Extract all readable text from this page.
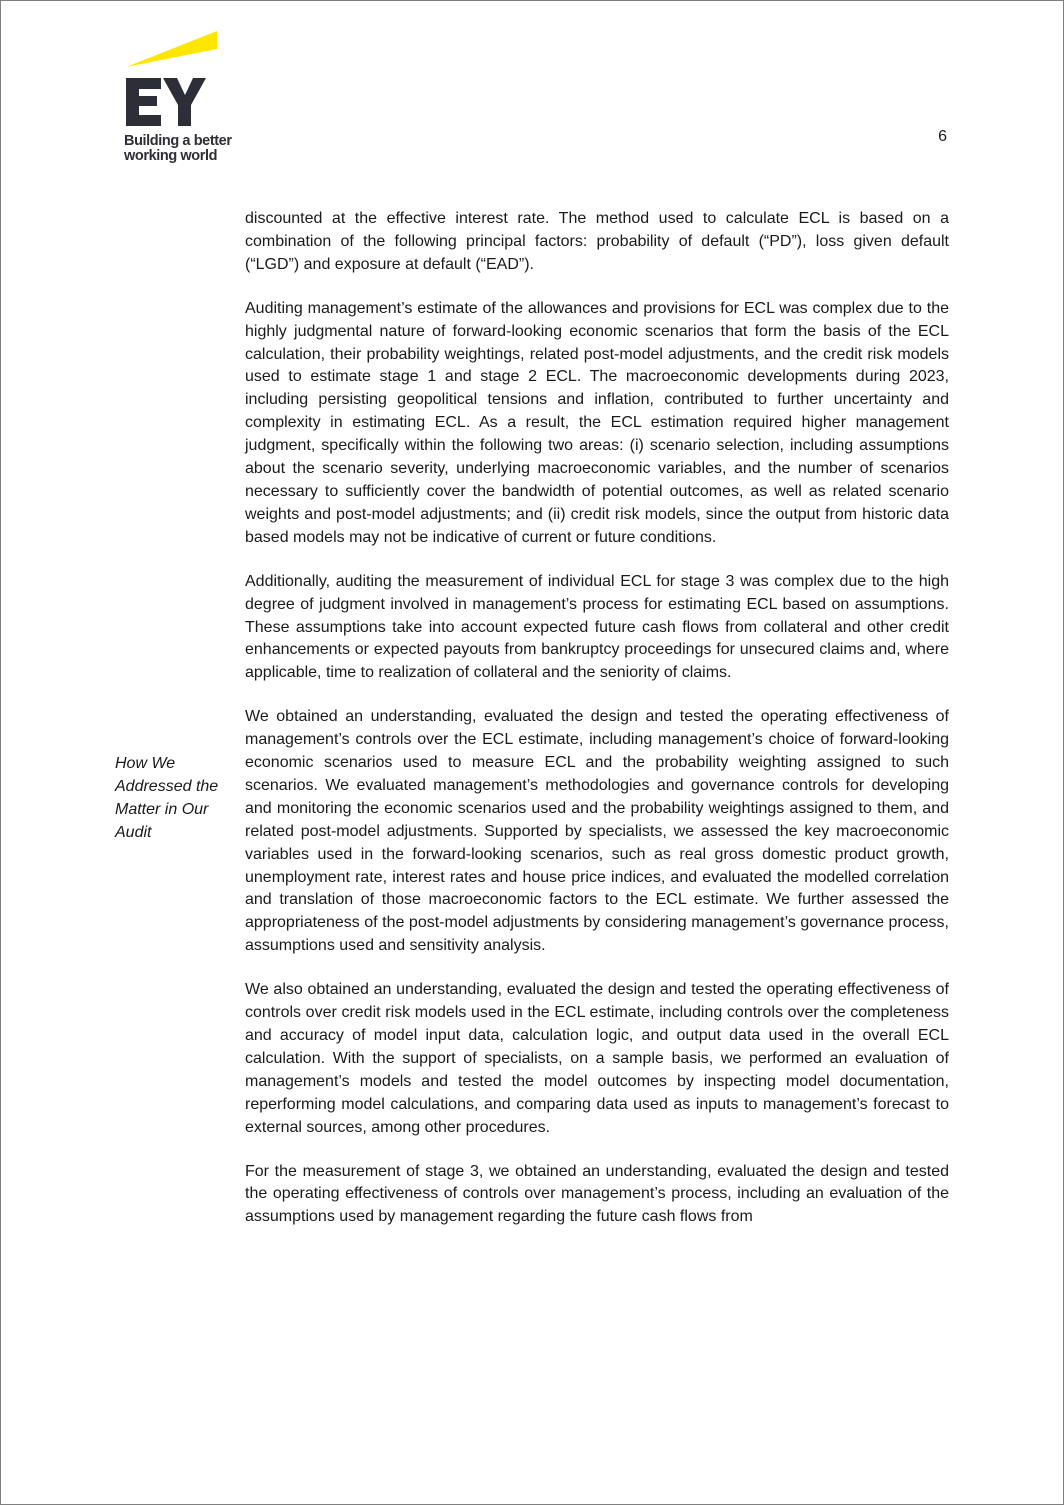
Building a better
working world
6
How We
Addressed the
Matter in Our
Audit

discounted at the effective interest rate. The method used to calculate ECL is based on a combination of the following principal factors: probability of default (“PD”), loss given default (“LGD”) and exposure at default (“EAD”).

Auditing management’s estimate of the allowances and provisions for ECL was complex due to the highly judgmental nature of forward-looking economic scenarios that form the basis of the ECL calculation, their probability weightings, related post-model adjustments, and the credit risk models used to estimate stage 1 and stage 2 ECL. The macroeconomic developments during 2023, including persisting geopolitical tensions and inflation, contributed to further uncertainty and complexity in estimating ECL. As a result, the ECL estimation required higher management judgment, specifically within the following two areas: (i) scenario selection, including assumptions about the scenario severity, underlying macroeconomic variables, and the number of scenarios necessary to sufficiently cover the bandwidth of potential outcomes, as well as related scenario weights and post-model adjustments; and (ii) credit risk models, since the output from historic data based models may not be indicative of current or future conditions.

Additionally, auditing the measurement of individual ECL for stage 3 was complex due to the high degree of judgment involved in management’s process for estimating ECL based on assumptions. These assumptions take into account expected future cash flows from collateral and other credit enhancements or expected payouts from bankruptcy proceedings for unsecured claims and, where applicable, time to realization of collateral and the seniority of claims.

We obtained an understanding, evaluated the design and tested the operating effectiveness of management’s controls over the ECL estimate, including management’s choice of forward-looking economic scenarios used to measure ECL and the probability weighting assigned to such scenarios. We evaluated management’s methodologies and governance controls for developing and monitoring the economic scenarios used and the probability weightings assigned to them, and related post-model adjustments. Supported by specialists, we assessed the key macroeconomic variables used in the forward-looking scenarios, such as real gross domestic product growth, unemployment rate, interest rates and house price indices, and evaluated the modelled correlation and translation of those macroeconomic factors to the ECL estimate. We further assessed the appropriateness of the post-model adjustments by considering management’s governance process, assumptions used and sensitivity analysis.

We also obtained an understanding, evaluated the design and tested the operating effectiveness of controls over credit risk models used in the ECL estimate, including controls over the completeness and accuracy of model input data, calculation logic, and output data used in the overall ECL calculation. With the support of specialists, on a sample basis, we performed an evaluation of management’s models and tested the model outcomes by inspecting model documentation, reperforming model calculations, and comparing data used as inputs to management’s forecast to external sources, among other procedures.

For the measurement of stage 3, we obtained an understanding, evaluated the design and tested the operating effectiveness of controls over management’s process, including an evaluation of the assumptions used by management regarding the future cash flows from
